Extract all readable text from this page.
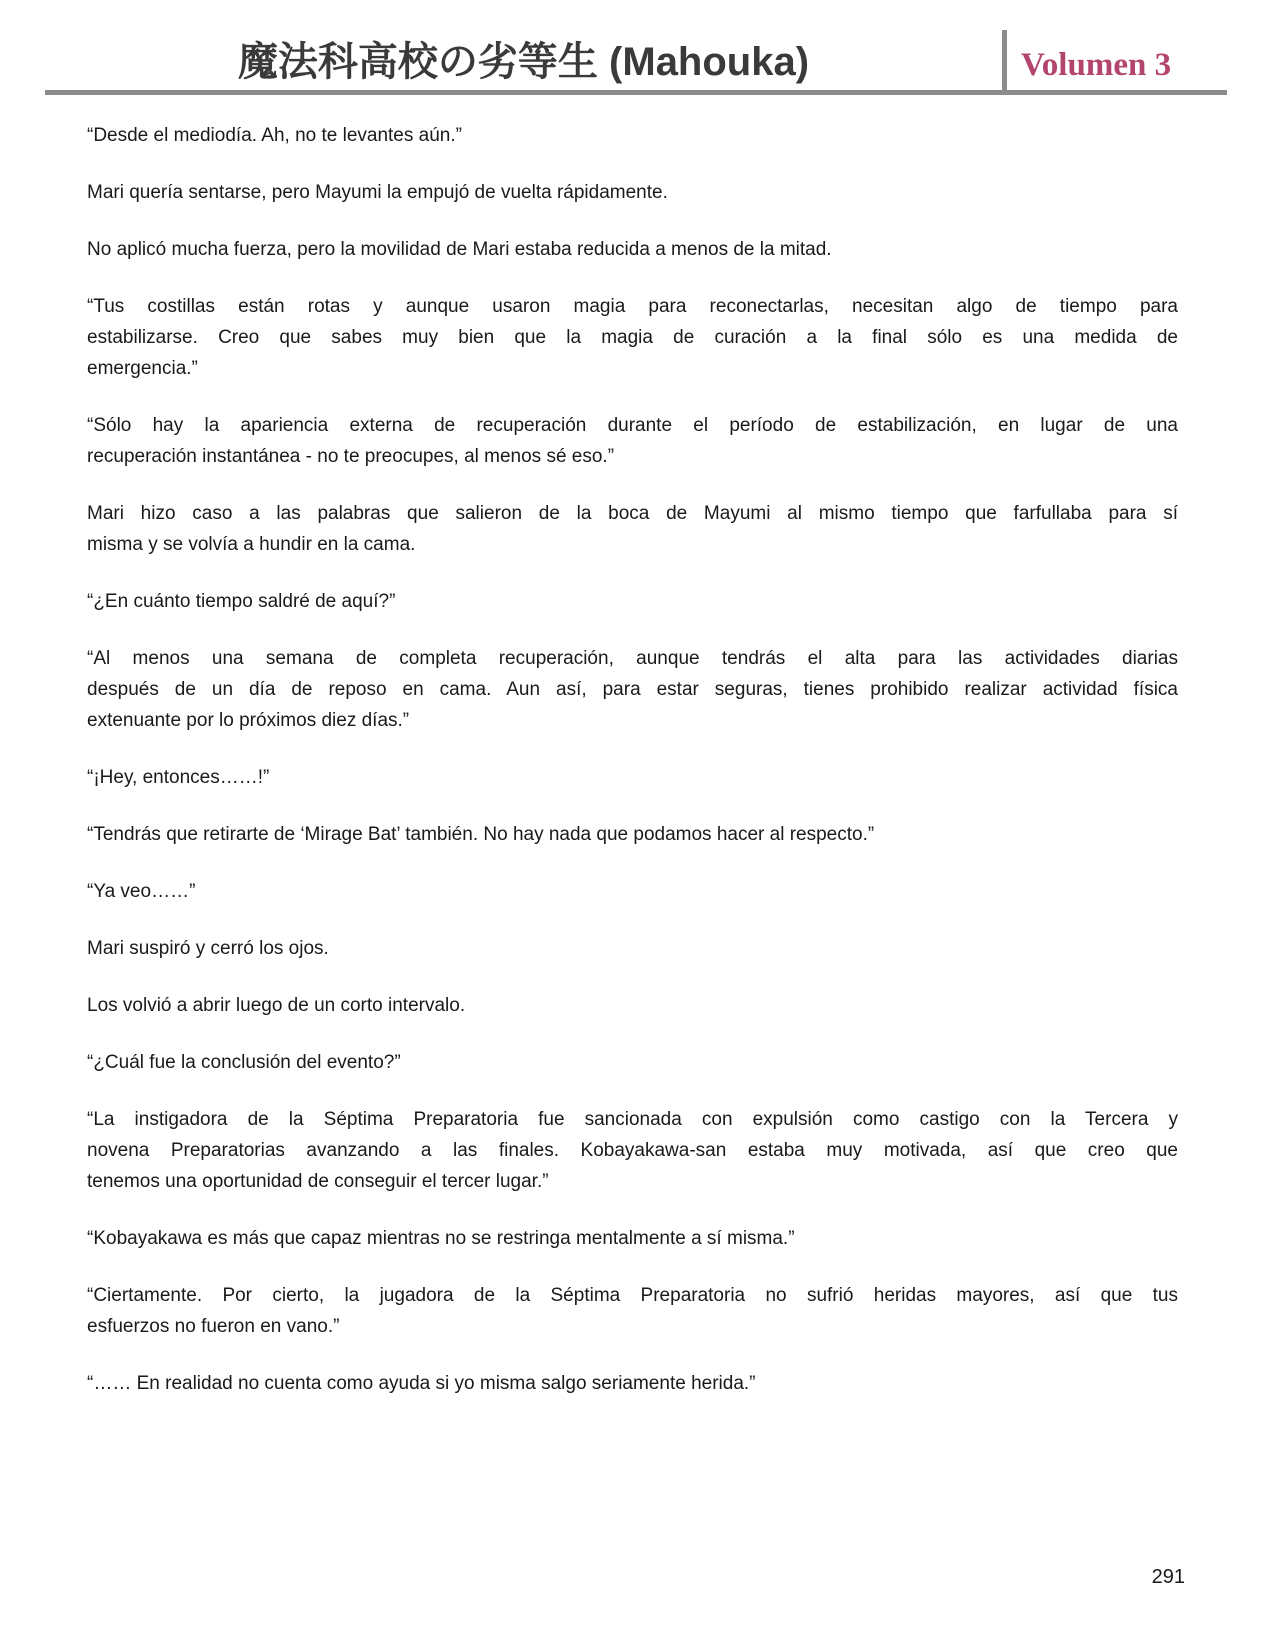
魔法科高校の劣等生 (Mahouka)	Volumen 3

“Desde el mediodía. Ah, no te levantes aún.”

Mari quería sentarse, pero Mayumi la empujó de vuelta rápidamente.

No aplicó mucha fuerza, pero la movilidad de Mari estaba reducida a menos de la mitad.

“Tus costillas están rotas y aunque usaron magia para reconectarlas, necesitan algo de tiempo para
estabilizarse. Creo que sabes muy bien que la magia de curación a la final sólo es una medida de
emergencia.”

“Sólo hay la apariencia externa de recuperación durante el período de estabilización, en lugar de una
recuperación instantánea - no te preocupes, al menos sé eso.”

Mari hizo caso a las palabras que salieron de la boca de Mayumi al mismo tiempo que farfullaba para sí
misma y se volvía a hundir en la cama.

“¿En cuánto tiempo saldré de aquí?”

“Al menos una semana de completa recuperación, aunque tendrás el alta para las actividades diarias
después de un día de reposo en cama. Aun así, para estar seguras, tienes prohibido realizar actividad física
extenuante por lo próximos diez días.”

“¡Hey, entonces……!”

“Tendrás que retirarte de ‘Mirage Bat’ también. No hay nada que podamos hacer al respecto.”

“Ya veo……”

Mari suspiró y cerró los ojos.

Los volvió a abrir luego de un corto intervalo.

“¿Cuál fue la conclusión del evento?”

“La instigadora de la Séptima Preparatoria fue sancionada con expulsión como castigo con la Tercera y
novena Preparatorias avanzando a las finales. Kobayakawa-san estaba muy motivada, así que creo que
tenemos una oportunidad de conseguir el tercer lugar.”

“Kobayakawa es más que capaz mientras no se restringa mentalmente a sí misma.”

“Ciertamente. Por cierto, la jugadora de la Séptima Preparatoria no sufrió heridas mayores, así que tus
esfuerzos no fueron en vano.”

“…… En realidad no cuenta como ayuda si yo misma salgo seriamente herida.”

291
